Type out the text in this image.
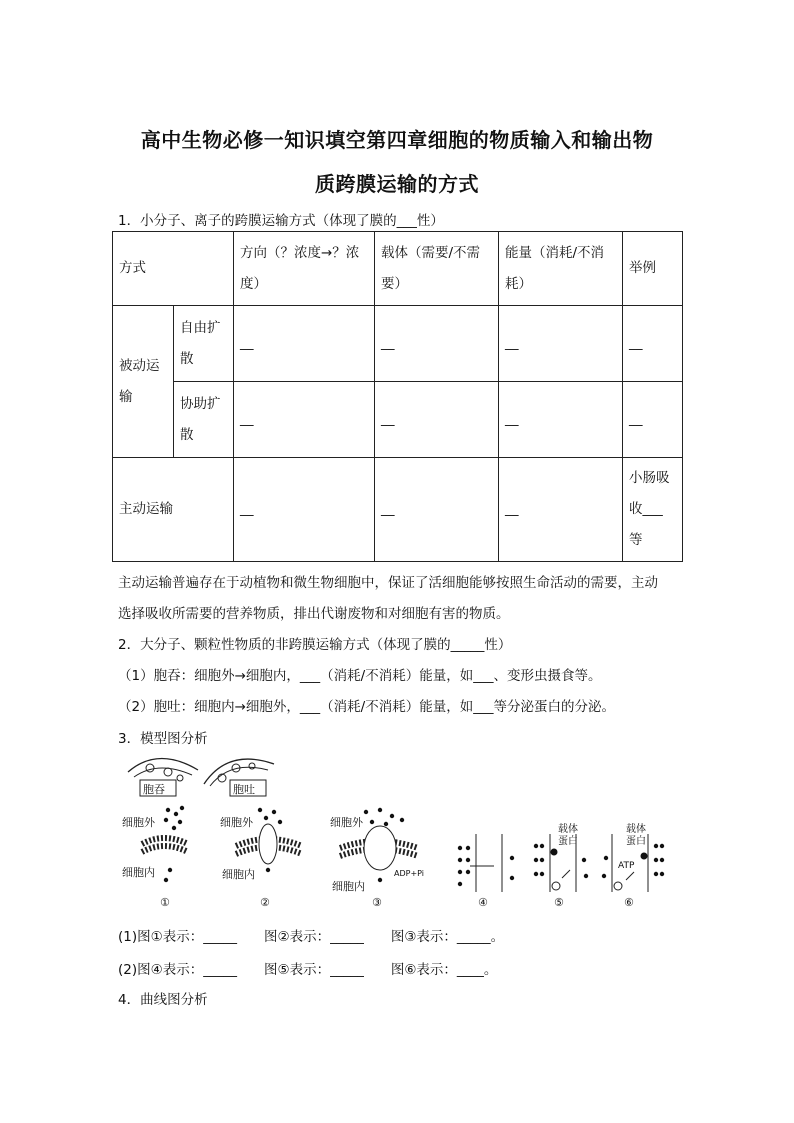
高中生物必修一知识填空第四章细胞的物质输入和输出物
质跨膜运输的方式
1．小分子、离子的跨膜运输方式（体现了膜的___性）
方式		方向（？浓度→？浓度）	载体（需要/不需要）	能量（消耗/不消耗）	举例
被动运输	自由扩散	__	__	__	__
	协助扩散	__	__	__	__
主动运输		__	__	__	小肠吸收___等
主动运输普遍存在于动植物和微生物细胞中，保证了活细胞能够按照生命活动的需要，主动
选择吸收所需要的营养物质，排出代谢废物和对细胞有害的物质。
2．大分子、颗粒性物质的非跨膜运输方式（体现了膜的_____性）
（1）胞吞：细胞外→细胞内，___（消耗/不消耗）能量，如___、变形虫摄食等。
（2）胞吐：细胞内→细胞外，___（消耗/不消耗）能量，如___等分泌蛋白的分泌。
3．模型图分析
胞吞	胞吐
细胞外
细胞内
①
细胞外
细胞内
②
细胞外
细胞内
ADP+Pi
③	④
载体
蛋白
⑤
载体
蛋白
ATP
⑥
(1)图①表示：_____　　图②表示：_____　　图③表示：_____。
(2)图④表示：_____　　图⑤表示：_____　　图⑥表示：____。
4．曲线图分析
